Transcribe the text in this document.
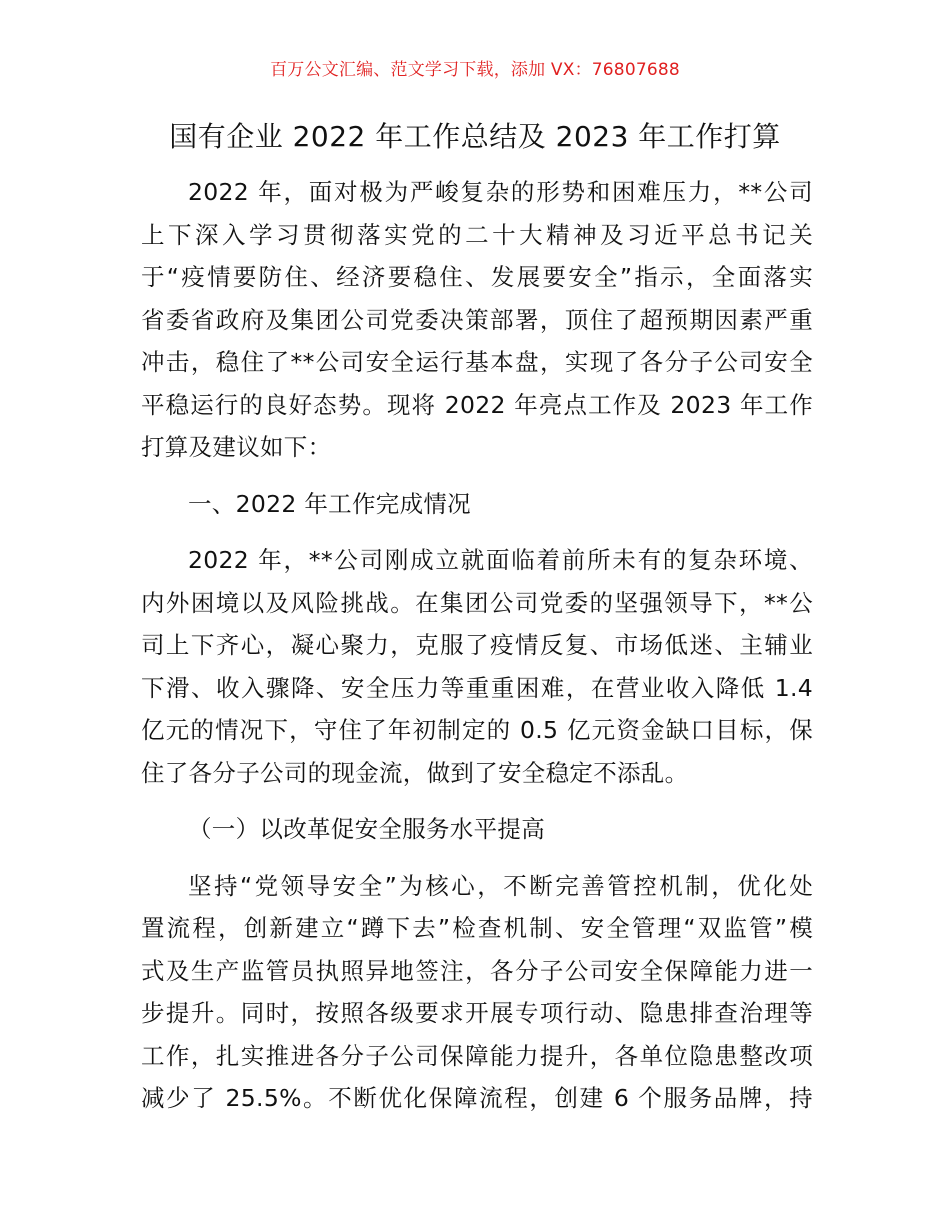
百万公文汇编、范文学习下载，添加 VX：76807688
国有企业 2022 年工作总结及 2023 年工作打算
2022 年，面对极为严峻复杂的形势和困难压力，**公司
上下深入学习贯彻落实党的二十大精神及习近平总书记关
于“疫情要防住、经济要稳住、发展要安全”指示，全面落实
省委省政府及集团公司党委决策部署，顶住了超预期因素严重
冲击，稳住了**公司安全运行基本盘，实现了各分子公司安全
平稳运行的良好态势。现将 2022 年亮点工作及 2023 年工作
打算及建议如下：
一、2022 年工作完成情况
2022 年，**公司刚成立就面临着前所未有的复杂环境、
内外困境以及风险挑战。在集团公司党委的坚强领导下，**公
司上下齐心，凝心聚力，克服了疫情反复、市场低迷、主辅业
下滑、收入骤降、安全压力等重重困难，在营业收入降低 1.4
亿元的情况下，守住了年初制定的 0.5 亿元资金缺口目标，保
住了各分子公司的现金流，做到了安全稳定不添乱。
（一）以改革促安全服务水平提高
坚持“党领导安全”为核心，不断完善管控机制，优化处
置流程，创新建立“蹲下去”检查机制、安全管理“双监管”模
式及生产监管员执照异地签注，各分子公司安全保障能力进一
步提升。同时，按照各级要求开展专项行动、隐患排查治理等
工作，扎实推进各分子公司保障能力提升，各单位隐患整改项
减少了 25.5%。不断优化保障流程，创建 6 个服务品牌，持
